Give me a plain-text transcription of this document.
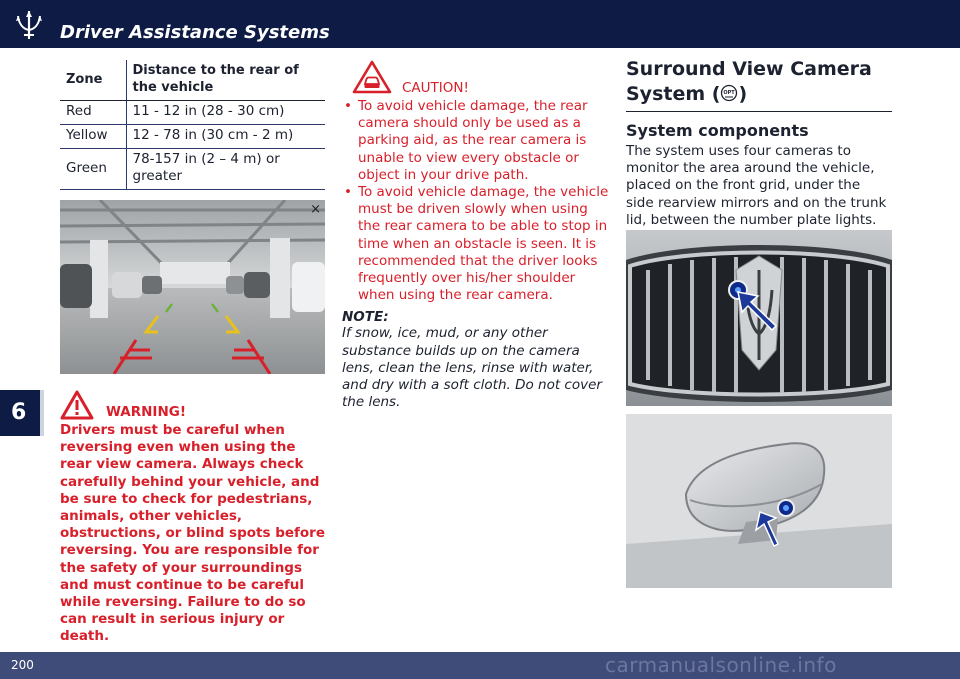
Driver Assistance Systems
6
Zone	Distance to the rear of the vehicle
Red	11 - 12 in (28 - 30 cm)
Yellow	12 - 78 in (30 cm - 2 m)
Green	78-157 in (2 – 4 m) or greater
×
WARNING!
Drivers must be careful when reversing even when using the rear view camera. Always check carefully behind your vehicle, and be sure to check for pedestrians, animals, other vehicles, obstructions, or blind spots before reversing. You are responsible for the safety of your surroundings and must continue to be careful while reversing. Failure to do so can result in serious injury or death.
CAUTION!
• To avoid vehicle damage, the rear camera should only be used as a parking aid, as the rear camera is unable to view every obstacle or object in your drive path.
• To avoid vehicle damage, the vehicle must be driven slowly when using the rear camera to be able to stop in time when an obstacle is seen. It is recommended that the driver looks frequently over his/her shoulder when using the rear camera.
NOTE:
If snow, ice, mud, or any other substance builds up on the camera lens, clean the lens, rinse with water, and dry with a soft cloth. Do not cover the lens.
Surround View Camera
System ( OPT )
System components
The system uses four cameras to monitor the area around the vehicle, placed on the front grid, under the side rearview mirrors and on the trunk lid, between the number plate lights.
200	carmanualsonline.info
